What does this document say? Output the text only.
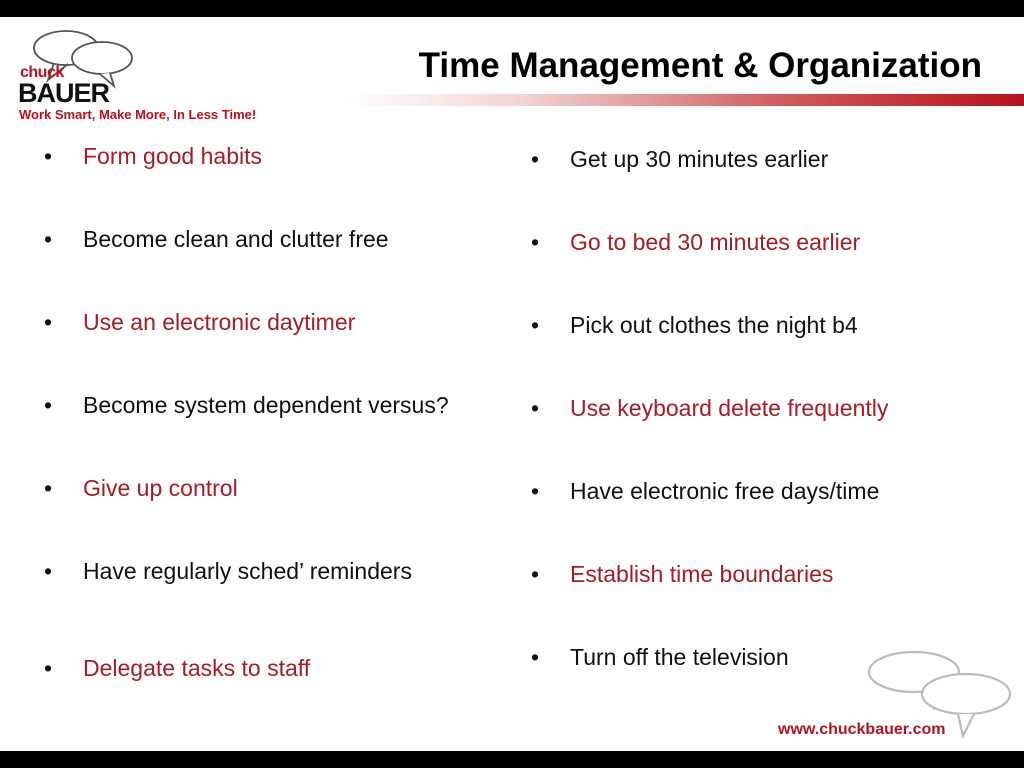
chuck
BAUER
Work Smart, Make More, In Less Time!
Time Management & Organization
• Form good habits
• Become clean and clutter free
• Use an electronic daytimer
• Become system dependent versus?
• Give up control
• Have regularly sched’ reminders
• Delegate tasks to staff
• Get up 30 minutes earlier
• Go to bed 30 minutes earlier
• Pick out clothes the night b4
• Use keyboard delete frequently
• Have electronic free days/time
• Establish time boundaries
• Turn off the television
www.chuckbauer.com
